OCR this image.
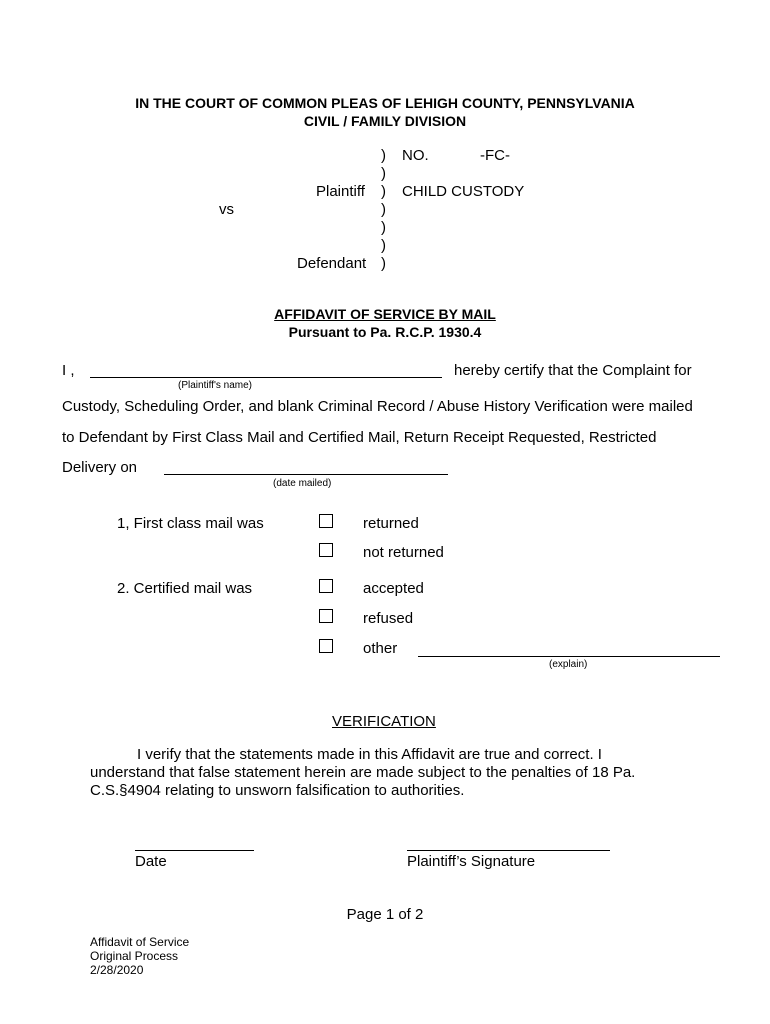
IN THE COURT OF COMMON PLEAS OF LEHIGH COUNTY, PENNSYLVANIA
CIVIL / FAMILY DIVISION
)
)
)
)
)
)
)
NO.	-FC-
Plaintiff CHILD CUSTODY
vs
Defendant
AFFIDAVIT OF SERVICE BY MAIL
Pursuant to Pa. R.C.P. 1930.4
I ,	hereby certify that the Complaint for
(Plaintiff's name)
Custody, Scheduling Order, and blank Criminal Record / Abuse History Verification were mailed
to Defendant by First Class Mail and Certified Mail, Return Receipt Requested, Restricted
Delivery on
(date mailed)
1, First class mail was	returned
not returned
2. Certified mail was	accepted
refused
other
(explain)
VERIFICATION
I verify that the statements made in this Affidavit are true and correct. I
understand that false statement herein are made subject to the penalties of 18 Pa.
C.S.§4904 relating to unsworn falsification to authorities.
Date	Plaintiff’s Signature
Page 1 of 2
Affidavit of Service
Original Process
2/28/2020
